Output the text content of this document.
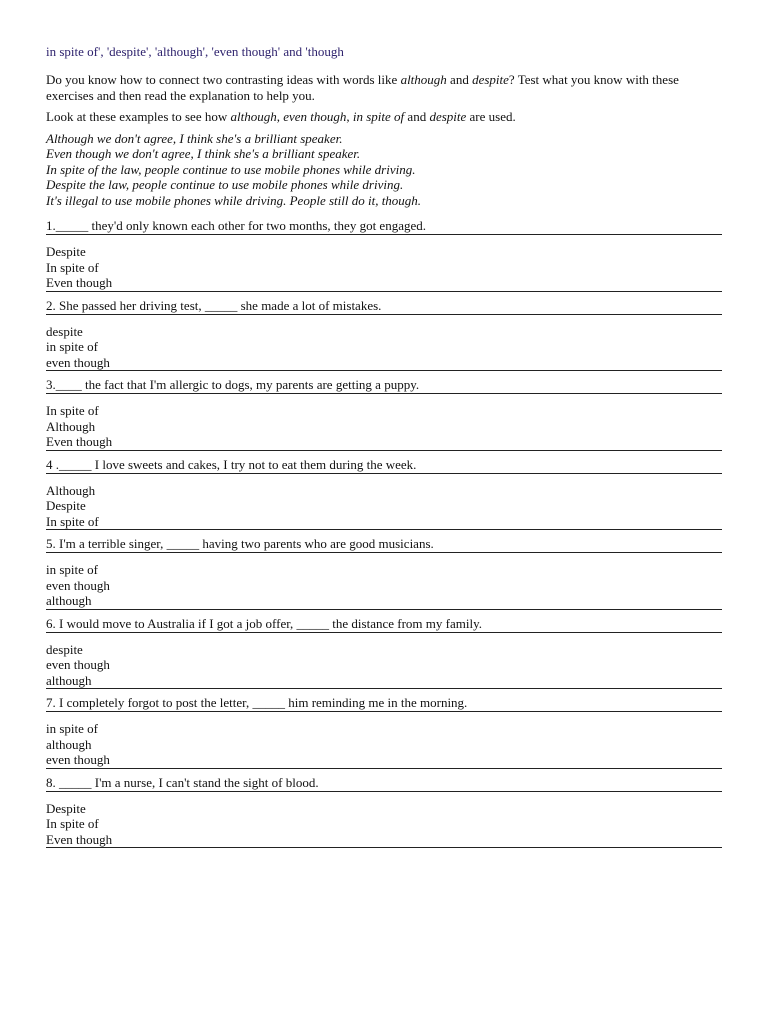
in spite of', 'despite', 'although', 'even though' and 'though

Do you know how to connect two contrasting ideas with words like although and despite? Test what you know with these exercises and then read the explanation to help you.

Look at these examples to see how although, even though, in spite of and despite are used.

Although we don't agree, I think she's a brilliant speaker.
Even though we don't agree, I think she's a brilliant speaker.
In spite of the law, people continue to use mobile phones while driving.
Despite the law, people continue to use mobile phones while driving.
It's illegal to use mobile phones while driving. People still do it, though.
1._____ they'd only known each other for two months, they got engaged.
Despite
In spite of
Even though
2. She passed her driving test, _____ she made a lot of mistakes.
despite
in spite of
even though
3.____ the fact that I'm allergic to dogs, my parents are getting a puppy.
In spite of
Although
Even though
4 ._____ I love sweets and cakes, I try not to eat them during the week.
Although
Despite
In spite of
5. I'm a terrible singer, _____ having two parents who are good musicians.
in spite of
even though
although
6. I would move to Australia if I got a job offer, _____ the distance from my family.
despite
even though
although
7. I completely forgot to post the letter, _____ him reminding me in the morning.
in spite of
although
even though
8. _____ I'm a nurse, I can't stand the sight of blood.
Despite
In spite of
Even though
